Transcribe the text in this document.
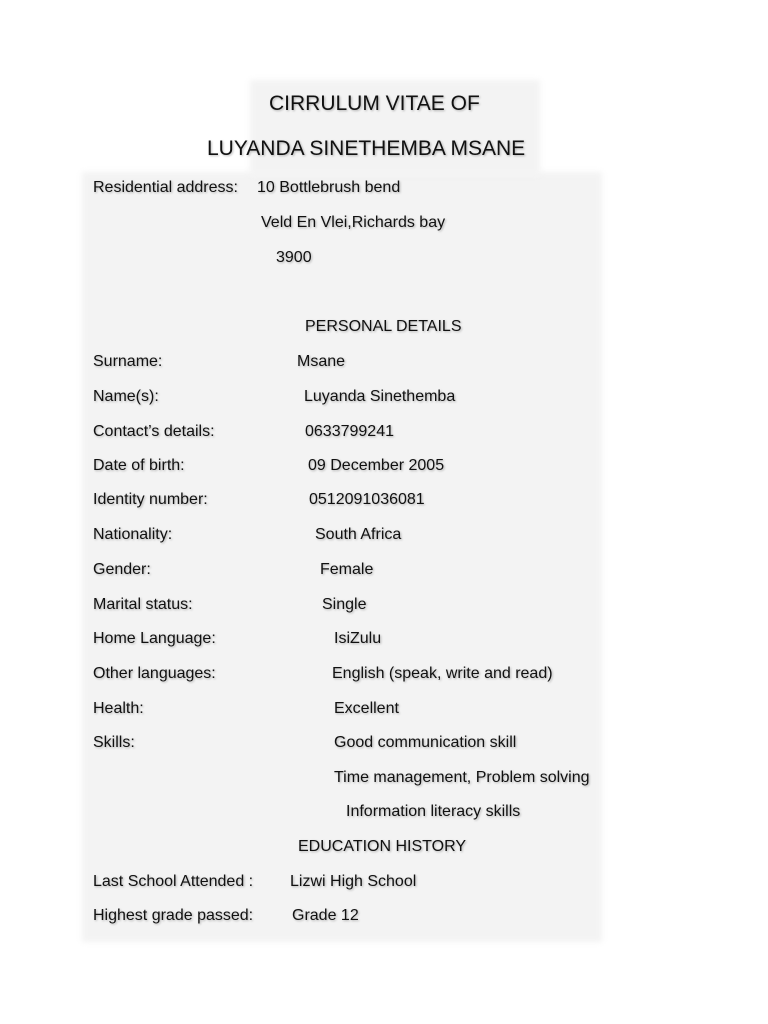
CIRRULUM VITAE OF
LUYANDA SINETHEMBA MSANE
Residential address: 10 Bottlebrush bend
Veld En Vlei,Richards bay
3900
PERSONAL DETAILS
Surname:	Msane
Name(s):	Luyanda Sinethemba
Contact’s details:	0633799241
Date of birth:	09 December 2005
Identity number:	0512091036081
Nationality:	South Africa
Gender:	Female
Marital status:	Single
Home Language:	IsiZulu
Other languages:	English (speak, write and read)
Health:	Excellent
Skills:	Good communication skill
Time management, Problem solving
Information literacy skills
EDUCATION HISTORY
Last School Attended : Lizwi High School
Highest grade passed: Grade 12
